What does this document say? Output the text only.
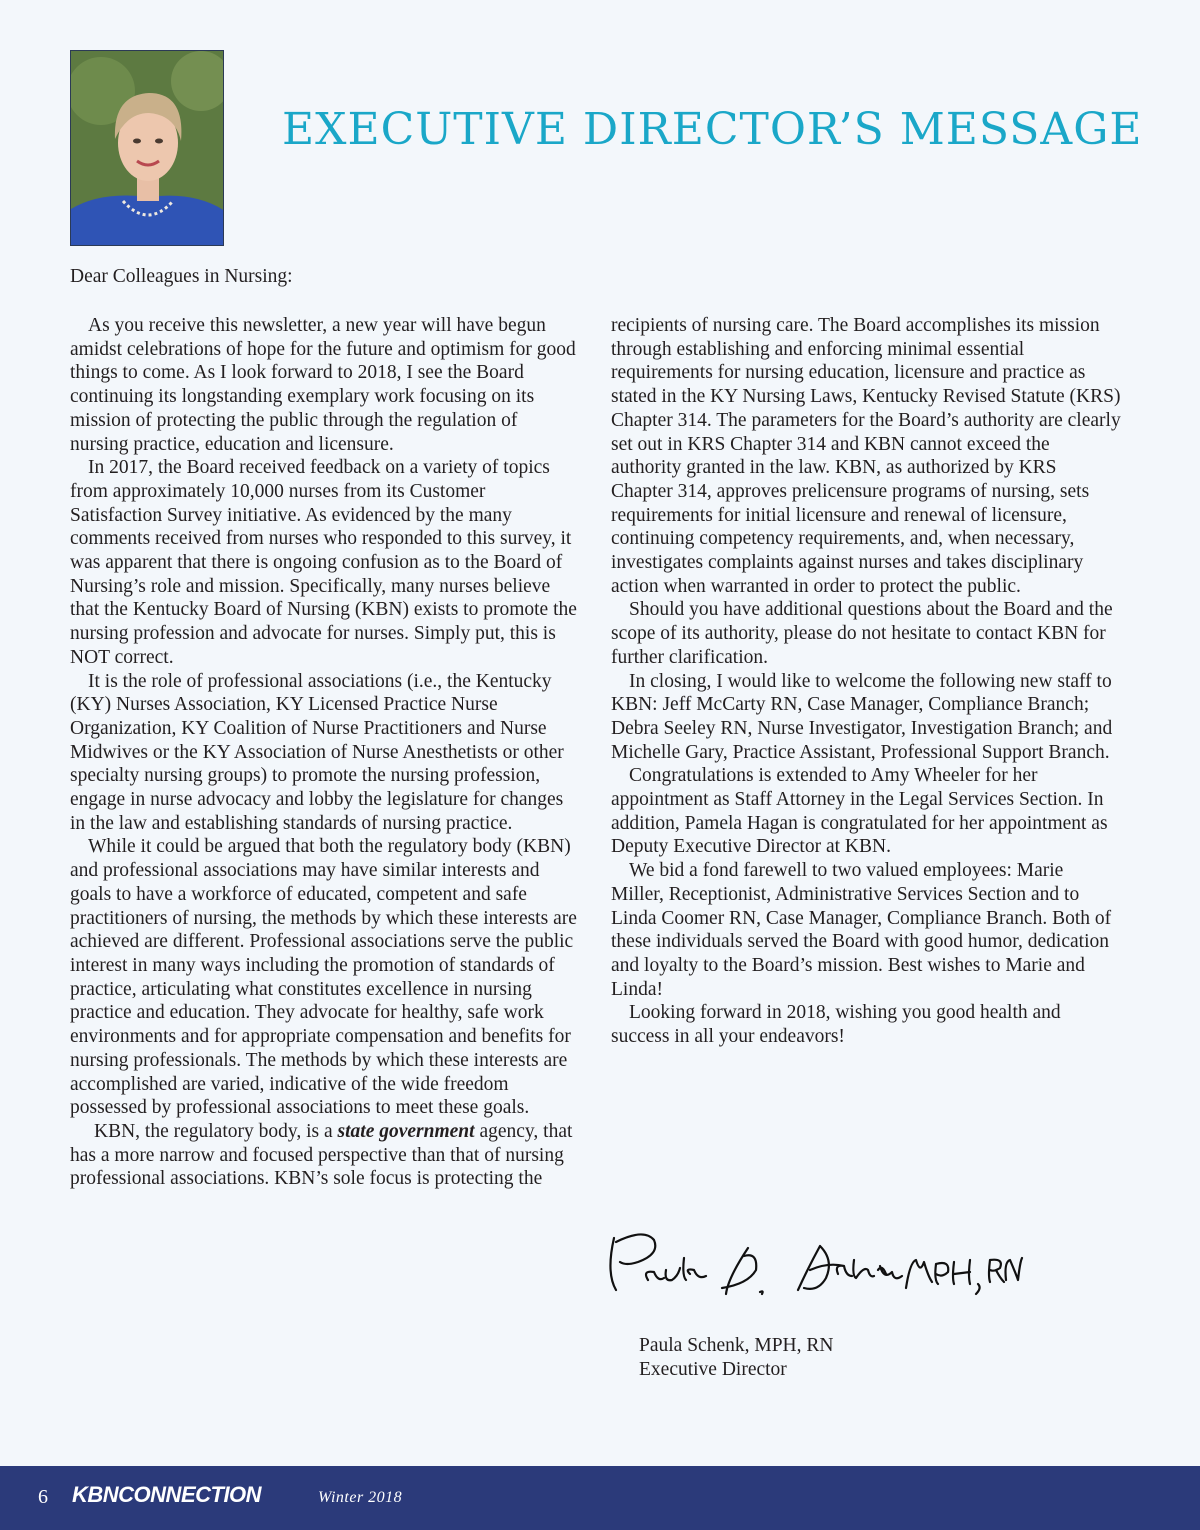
EXECUTIVE DIRECTOR’S MESSAGE

Dear Colleagues in Nursing:

As you receive this newsletter, a new year will have begun amidst celebrations of hope for the future and optimism for good things to come. As I look forward to 2018, I see the Board continuing its longstanding exemplary work focusing on its mission of protecting the public through the regulation of nursing practice, education and licensure.

In 2017, the Board received feedback on a variety of topics from approximately 10,000 nurses from its Customer Satisfaction Survey initiative. As evidenced by the many comments received from nurses who responded to this survey, it was apparent that there is ongoing confusion as to the Board of Nursing’s role and mission. Specifically, many nurses believe that the Kentucky Board of Nursing (KBN) exists to promote the nursing profession and advocate for nurses. Simply put, this is NOT correct.

It is the role of professional associations (i.e., the Kentucky (KY) Nurses Association, KY Licensed Practice Nurse Organization, KY Coalition of Nurse Practitioners and Nurse Midwives or the KY Association of Nurse Anesthetists or other specialty nursing groups) to promote the nursing profession, engage in nurse advocacy and lobby the legislature for changes in the law and establishing standards of nursing practice.

While it could be argued that both the regulatory body (KBN) and professional associations may have similar interests and goals to have a workforce of educated, competent and safe practitioners of nursing, the methods by which these interests are achieved are different. Professional associations serve the public interest in many ways including the promotion of standards of practice, articulating what constitutes excellence in nursing practice and education. They advocate for healthy, safe work environments and for appropriate compensation and benefits for nursing professionals. The methods by which these interests are accomplished are varied, indicative of the wide freedom possessed by professional associations to meet these goals.

KBN, the regulatory body, is a state government agency, that has a more narrow and focused perspective than that of nursing professional associations. KBN’s sole focus is protecting the

recipients of nursing care. The Board accomplishes its mission through establishing and enforcing minimal essential requirements for nursing education, licensure and practice as stated in the KY Nursing Laws, Kentucky Revised Statute (KRS) Chapter 314. The parameters for the Board’s authority are clearly set out in KRS Chapter 314 and KBN cannot exceed the authority granted in the law. KBN, as authorized by KRS Chapter 314, approves prelicensure programs of nursing, sets requirements for initial licensure and renewal of licensure, continuing competency requirements, and, when necessary, investigates complaints against nurses and takes disciplinary action when warranted in order to protect the public.

Should you have additional questions about the Board and the scope of its authority, please do not hesitate to contact KBN for further clarification.

In closing, I would like to welcome the following new staff to KBN: Jeff McCarty RN, Case Manager, Compliance Branch; Debra Seeley RN, Nurse Investigator, Investigation Branch; and Michelle Gary, Practice Assistant, Professional Support Branch.

Congratulations is extended to Amy Wheeler for her appointment as Staff Attorney in the Legal Services Section. In addition, Pamela Hagan is congratulated for her appointment as Deputy Executive Director at KBN.

We bid a fond farewell to two valued employees: Marie Miller, Receptionist, Administrative Services Section and to Linda Coomer RN, Case Manager, Compliance Branch. Both of these individuals served the Board with good humor, dedication and loyalty to the Board’s mission. Best wishes to Marie and Linda!

Looking forward in 2018, wishing you good health and success in all your endeavors!

Paula Schenk, MPH, RN
Executive Director
6 KBNCONNECTION	Winter 2018
